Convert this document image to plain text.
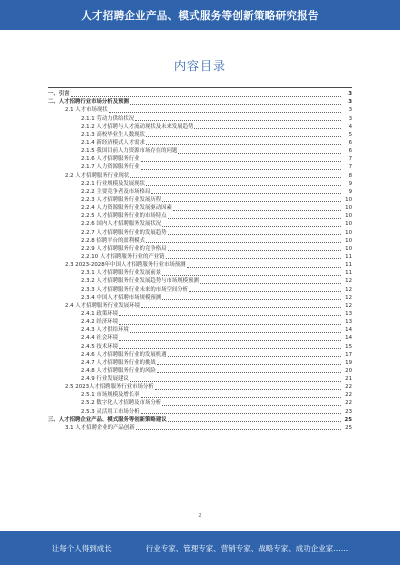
人才招聘企业产品、模式服务等创新策略研究报告
内容目录
一、引言	3
二、人才招聘行业市场分析及预测	3
2.1 人才市场现状	3
2.1.1 劳动力供给状况	3
2.1.2 人才招聘与人才流动现状及未来发展趋势	4
2.1.3 高校毕业生人数现状	5
2.1.4 新经济模式人才需求	6
2.1.5 我国目前人力资源市场存在的问题	6
2.1.6 人才招聘服务行业	7
2.1.7 人力资源服务行业	7
2.2 人才招聘服务行业现状	8
2.2.1 行业规模及发展现状	9
2.2.2 主要竞争者及市场格局	9
2.2.3 人才招聘服务行业发展历程	10
2.2.4 人力资源服务行业发展驱动因素	10
2.2.5 人才招聘服务行业的市场特点	10
2.2.6 国内人才招聘服务发展状况	10
2.2.7 人才招聘服务行业的发展趋势	10
2.2.8 招聘平台的盈利模式	10
2.2.9 人才招聘服务行业的竞争格局	10
2.2.10 人才招聘服务行业的产业链	11
2.3 2023-2028年中国人才招聘服务行业市场预测	11
2.3.1 人才招聘服务行业发展前景	11
2.3.2 人才招聘服务行业发展趋势与市场规模预测	12
2.3.3 人才招聘服务行业未来的市场空间分析	12
2.3.4 中国人才招聘市场规模预测	12
2.4 人才招聘服务行业发展环境	12
2.4.1 政策环境	13
2.4.2 经济环境	13
2.4.3 人才供给环境	14
2.4.4 社会环境	14
2.4.5 技术环境	15
2.4.6 人才招聘服务行业的发展机遇	17
2.4.7 人才招聘服务行业的挑战	19
2.4.8 人才招聘服务行业的风险	20
2.4.9 行业发展建议	21
2.5 2023人才招聘服务行业市场分析	22
2.5.1 市场规模及增长率	22
2.5.2 数字化人才招聘及市场分析	22
2.5.3 灵活用工市场分析	23
三、人才招聘企业产品、模式服务等创新策略建议	25
3.1 人才招聘企业的产品创新	25
2
让每个人得到成长	行业专家、管理专家、营销专家、战略专家、成功企业家……
